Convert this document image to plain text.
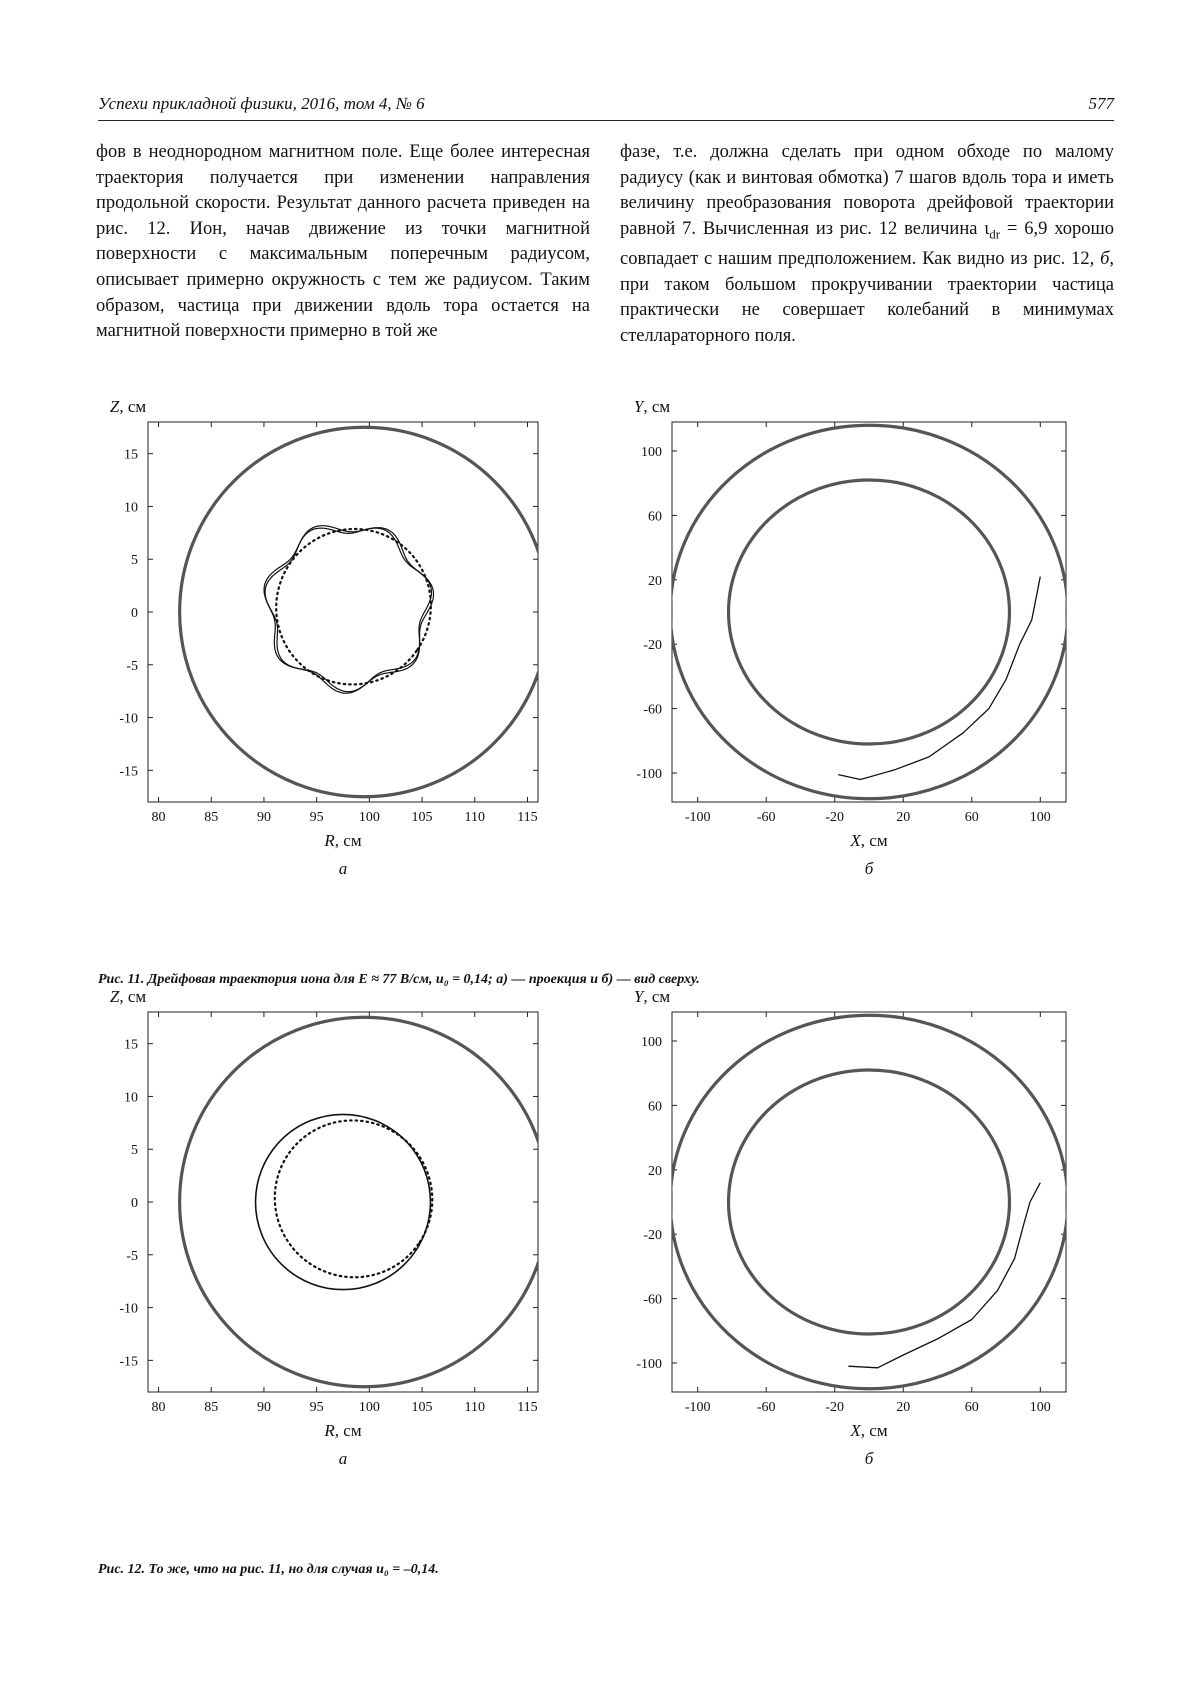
Успехи прикладной физики, 2016, том 4, № 6	577

фов в неоднородном магнитном поле. Еще более интересная траектория получается при изменении направления продольной скорости. Результат данного расчета приведен на рис. 12. Ион, начав движение из точки магнитной поверхности с максимальным поперечным радиусом, описывает примерно окружность с тем же радиусом. Таким образом, частица при движении вдоль тора остается на магнитной поверхности примерно в той же

фазе, т.е. должна сделать при одном обходе по малому радиусу (как и винтовая обмотка) 7 шагов вдоль тора и иметь величину преобразования поворота дрейфовой траектории равной 7. Вычисленная из рис. 12 величина $\iota_{dr} = 6,9$ хорошо совпадает с нашим предположением. Как видно из рис. 12, б, при таком большом прокручивании траектории частица практически не совершает колебаний в минимумах стеллараторного поля.

80	85	90	95	100 105 110 115
15
10
5
0
-5
-10
-15
Z, см
R, см
а
-100	-60	-20	20	60	100
100
60
20
-20
-60
-100
Y, см
X, см
б
Рис. 11. Дрейфовая траектория иона для E ≈ 77 В/см, u₀ = 0,14; а) — проекция и б) — вид сверху.
80	85	90	95	100 105 110 115
15
10
5
0
-5
-10
-15
Z, см
R, см
а
-100	-60	-20	20	60	100
100
60
20
-20
-60
-100
Y, см
X, см
б
Рис. 12. То же, что на рис. 11, но для случая u₀ = –0,14.
